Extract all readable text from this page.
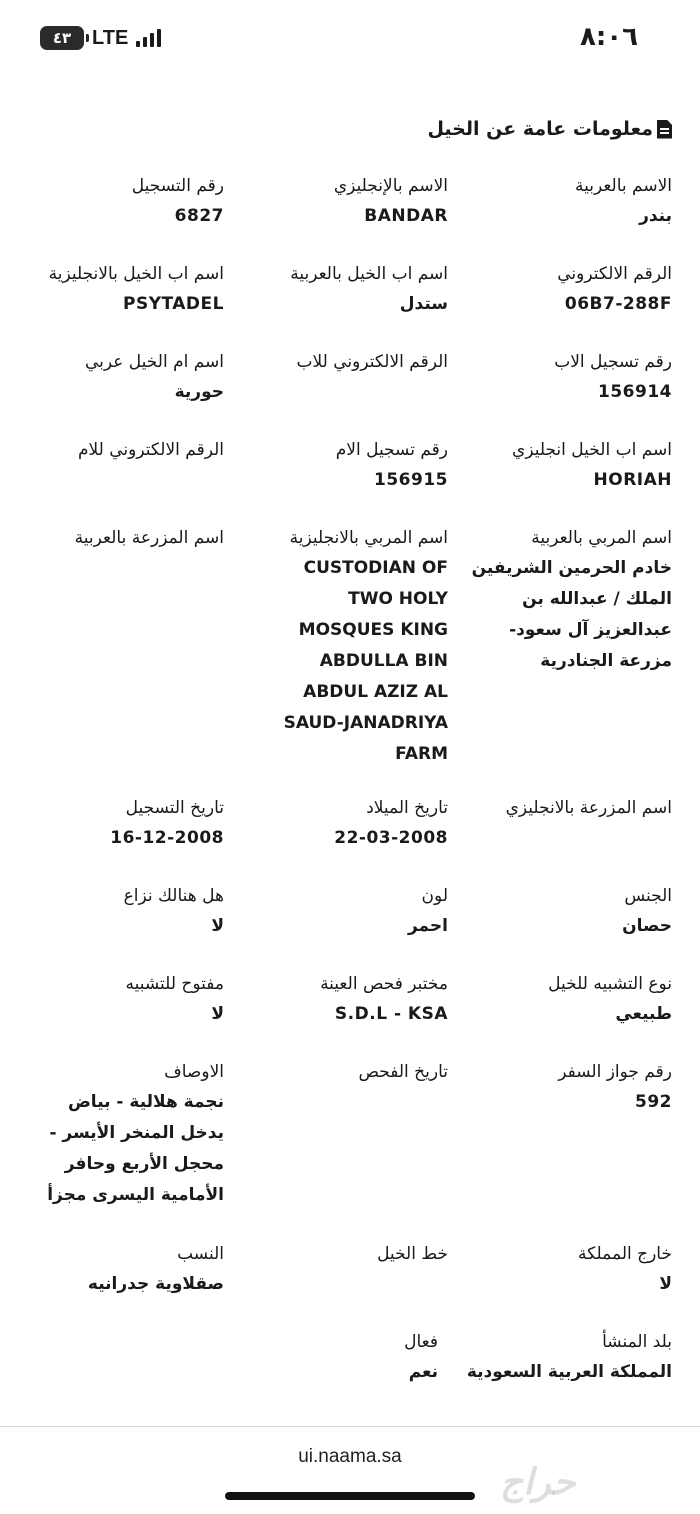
٤٣ LTE	٨:٠٦
معلومات عامة عن الخيل
الاسم بالعربية
بندر
الاسم بالإنجليزي
BANDAR
رقم التسجيل
6827
الرقم الالكتروني
06B7-288F
اسم اب الخيل بالعربية
ستدل
اسم اب الخيل بالانجليزية
PSYTADEL
رقم تسجيل الاب
156914
الرقم الالكتروني للاب
اسم ام الخيل عربي
حورية
اسم اب الخيل انجليزي
HORIAH
رقم تسجيل الام
156915
الرقم الالكتروني للام
اسم المربي بالعربية
خادم الحرمين الشريفين الملك / عبدالله بن عبدالعزيز آل سعود- مزرعة الجنادرية
اسم المربي بالانجليزية
CUSTODIAN OF
TWO HOLY
MOSQUES KING
ABDULLA BIN
ABDUL AZIZ AL
SAUD-JANADRIYA
FARM
اسم المزرعة بالعربية
اسم المزرعة بالانجليزي
تاريخ الميلاد
22-03-2008
تاريخ التسجيل
16-12-2008
الجنس
حصان
لون
احمر
هل هنالك نزاع
لا
نوع التشبيه للخيل
طبيعي
مختبر فحص العينة
S.D.L - KSA
مفتوح للتشبيه
لا
رقم جواز السفر
592
تاريخ الفحص
الاوصاف
نجمة هلالية - بياض يدخل المنخر الأيسر - محجل الأربع وحافر الأمامية اليسرى مجزأ
خارج المملكة
لا
خط الخيل
النسب
صقلاوية جدرانيه
بلد المنشأ
المملكة العربية السعودية
فعال
نعم
ui.naama.sa
حراج
